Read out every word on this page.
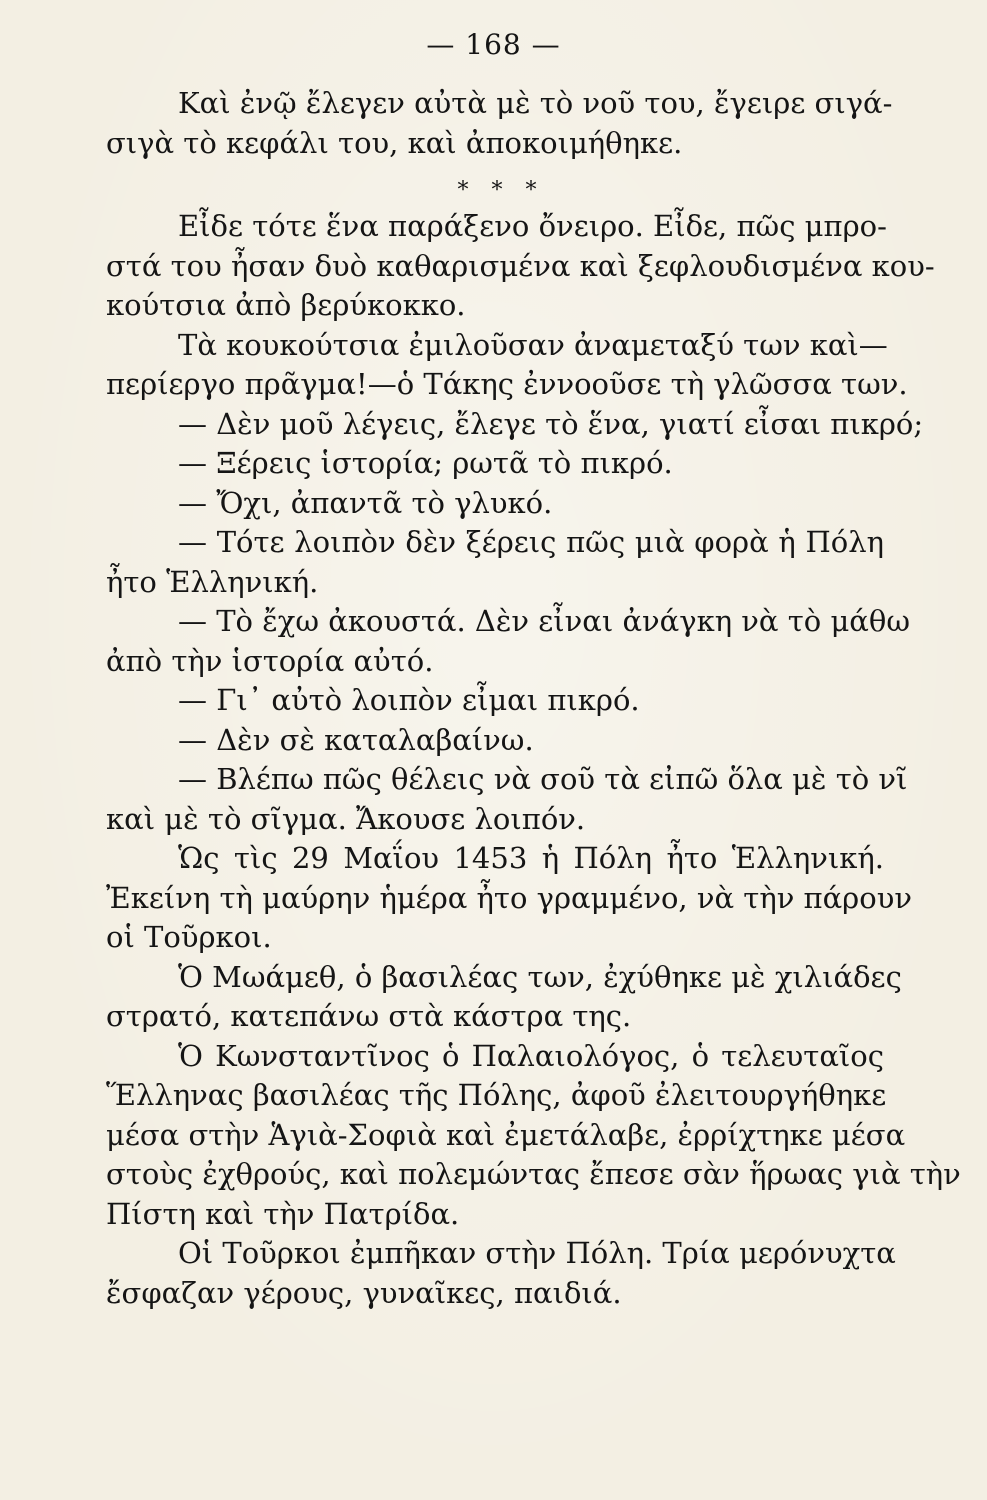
— 168 —
Καὶ ἐνῷ ἔλεγεν αὐτὰ μὲ τὸ νοῦ του, ἔγειρε σιγά-
σιγὰ τὸ κεφάλι του, καὶ ἀποκοιμήθηκε.
* * *
Εἶδε τότε ἕνα παράξενο ὄνειρο. Εἶδε, πῶς μπρο-
στά του ἦσαν δυὸ καθαρισμένα καὶ ξεφλουδισμένα κου-
κούτσια ἀπὸ βερύκοκκο.
Τὰ κουκούτσια ἐμιλοῦσαν ἀναμεταξύ των καὶ—
περίεργο πρᾶγμα!—ὁ Τάκης ἐννοοῦσε τὴ γλῶσσα των.
— Δὲν μοῦ λέγεις, ἔλεγε τὸ ἕνα, γιατί εἶσαι πικρό;
— Ξέρεις ἱστορία; ρωτᾶ τὸ πικρό.
— Ὄχι, ἀπαντᾶ τὸ γλυκό.
— Τότε λοιπὸν δὲν ξέρεις πῶς μιὰ φορὰ ἡ Πόλη
ἦτο Ἑλληνική.
— Τὸ ἔχω ἀκουστά. Δὲν εἶναι ἀνάγκη νὰ τὸ μάθω
ἀπὸ τὴν ἱστορία αὐτό.
— Γι᾽ αὐτὸ λοιπὸν εἶμαι πικρό.
— Δὲν σὲ καταλαβαίνω.
— Βλέπω πῶς θέλεις νὰ σοῦ τὰ εἰπῶ ὅλα μὲ τὸ νῖ
καὶ μὲ τὸ σῖγμα. Ἄκουσε λοιπόν.
Ὡς τὶς 29 Μαΐου 1453 ἡ Πόλη ἦτο Ἑλληνική.
Ἐκείνη τὴ μαύρην ἡμέρα ἦτο γραμμένο, νὰ τὴν πάρουν
οἱ Τοῦρκοι.
Ὁ Μωάμεθ, ὁ βασιλέας των, ἐχύθηκε μὲ χιλιάδες
στρατό, κατεπάνω στὰ κάστρα της.
Ὁ Κωνσταντῖνος ὁ Παλαιολόγος, ὁ τελευταῖος
Ἕλληνας βασιλέας τῆς Πόλης, ἀφοῦ ἐλειτουργήθηκε
μέσα στὴν Ἁγιὰ-Σοφιὰ καὶ ἐμετάλαβε, ἐρρίχτηκε μέσα
στοὺς ἐχθρούς, καὶ πολεμώντας ἔπεσε σὰν ἥρωας γιὰ τὴν
Πίστη καὶ τὴν Πατρίδα.
Οἱ Τοῦρκοι ἐμπῆκαν στὴν Πόλη. Τρία μερόνυχτα
ἔσφαζαν γέρους, γυναῖκες, παιδιά.
